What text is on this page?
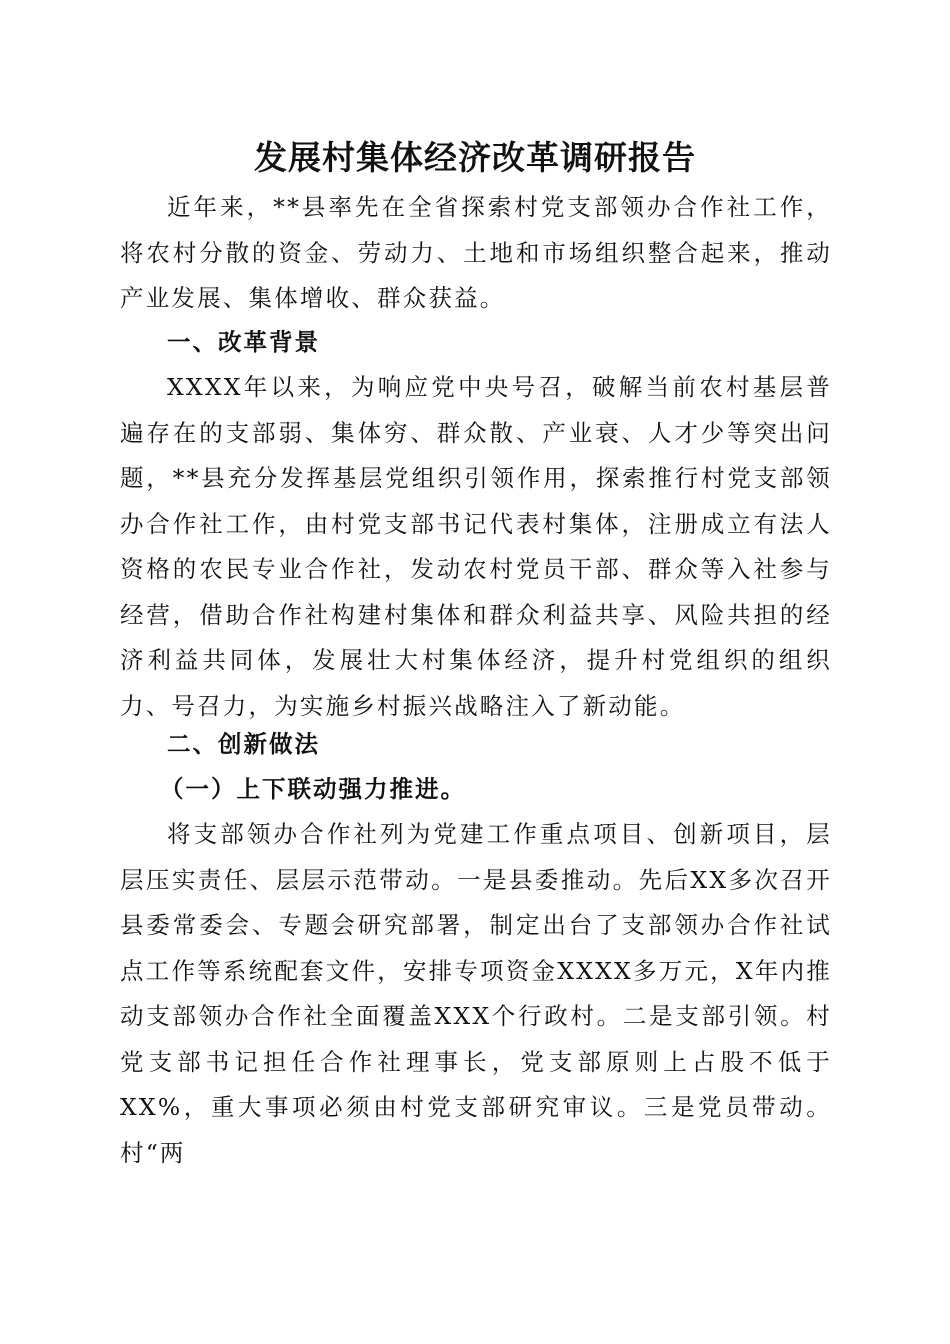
发展村集体经济改革调研报告

近年来，**县率先在全省探索村党支部领办合作社工作，将农村分散的资金、劳动力、土地和市场组织整合起来，推动产业发展、集体增收、群众获益。

一、改革背景

XXXX年以来，为响应党中央号召，破解当前农村基层普遍存在的支部弱、集体穷、群众散、产业衰、人才少等突出问题，**县充分发挥基层党组织引领作用，探索推行村党支部领办合作社工作，由村党支部书记代表村集体，注册成立有法人资格的农民专业合作社，发动农村党员干部、群众等入社参与经营，借助合作社构建村集体和群众利益共享、风险共担的经济利益共同体，发展壮大村集体经济，提升村党组织的组织力、号召力，为实施乡村振兴战略注入了新动能。

二、创新做法
（一）上下联动强力推进。

将支部领办合作社列为党建工作重点项目、创新项目，层层压实责任、层层示范带动。一是县委推动。先后XX多次召开县委常委会、专题会研究部署，制定出台了支部领办合作社试点工作等系统配套文件，安排专项资金XXXX多万元，X年内推动支部领办合作社全面覆盖XXX个行政村。二是支部引领。村党支部书记担任合作社理事长，党支部原则上占股不低于XX%，重大事项必须由村党支部研究审议。三是党员带动。村“两
